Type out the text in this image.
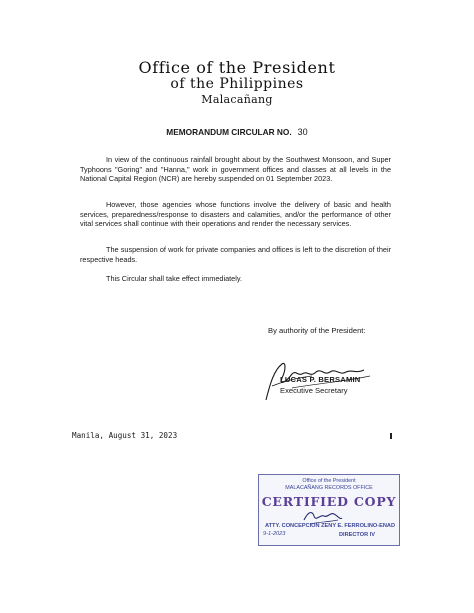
Office of the President
of the Philippines
Malacañang
MEMORANDUM CIRCULAR NO. 30

In view of the continuous rainfall brought about by the Southwest Monsoon, and Super Typhoons "Goring" and "Hanna," work in government offices and classes at all levels in the National Capital Region (NCR) are hereby suspended on 01 September 2023.

However, those agencies whose functions involve the delivery of basic and health services, preparedness/response to disasters and calamities, and/or the performance of other vital services shall continue with their operations and render the necessary services.

The suspension of work for private companies and offices is left to the discretion of their respective heads.

This Circular shall take effect immediately.

By authority of the President:
LUCAS P. BERSAMIN
Executive Secretary
Manila, August 31, 2023
Office of the President
MALACAÑANG RECORDS OFFICE
CERTIFIED COPY
ATTY. CONCEPCION ZENY E. FERROLINO-ENAD
9-1-2023	DIRECTOR IV
